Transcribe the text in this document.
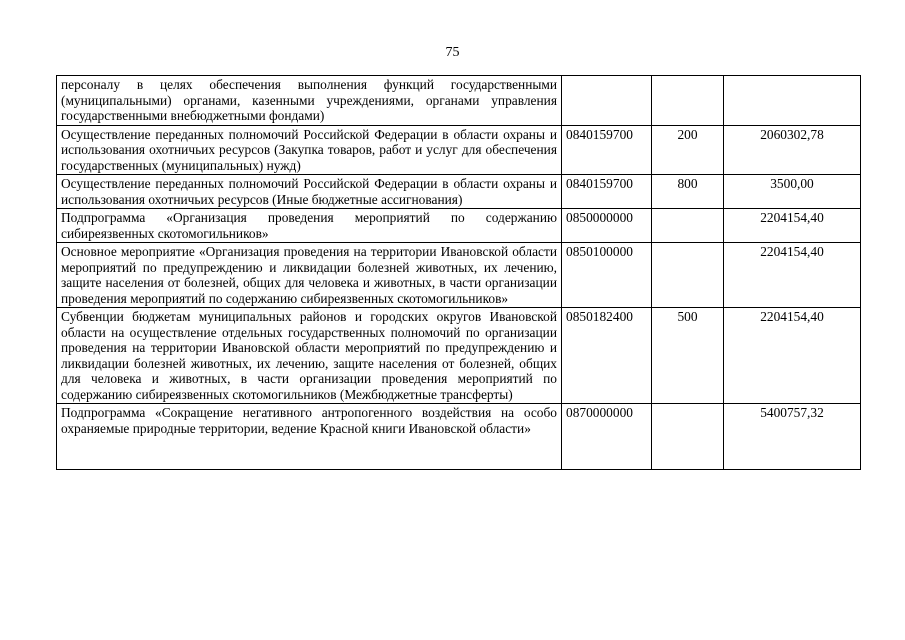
75
персоналу в целях обеспечения выполнения функций государственными (муниципальными) органами, казенными учреждениями, органами управления государственными внебюджетными фондами)			
Осуществление переданных полномочий Российской Федерации в области охраны и использования охотничьих ресурсов (Закупка товаров, работ и услуг для обеспечения государственных (муниципальных) нужд)	0840159700	200	2060302,78
Осуществление переданных полномочий Российской Федерации в области охраны и использования охотничьих ресурсов (Иные бюджетные ассигнования)	0840159700	800	3500,00
Подпрограмма «Организация проведения мероприятий по содержанию сибиреязвенных скотомогильников»	0850000000		2204154,40
Основное мероприятие «Организация проведения на территории Ивановской области мероприятий по предупреждению и ликвидации болезней животных, их лечению, защите населения от болезней, общих для человека и животных, в части организации проведения мероприятий по содержанию сибиреязвенных скотомогильников»	0850100000		2204154,40
Субвенции бюджетам муниципальных районов и городских округов Ивановской области на осуществление отдельных государственных полномочий по организации проведения на территории Ивановской области мероприятий по предупреждению и ликвидации болезней животных, их лечению, защите населения от болезней, общих для человека и животных, в части организации проведения мероприятий по содержанию сибиреязвенных скотомогильников (Межбюджетные трансферты)	0850182400	500	2204154,40
Подпрограмма «Сокращение негативного антропогенного воздействия на особо охраняемые природные территории, ведение Красной книги Ивановской области»	0870000000		5400757,32
